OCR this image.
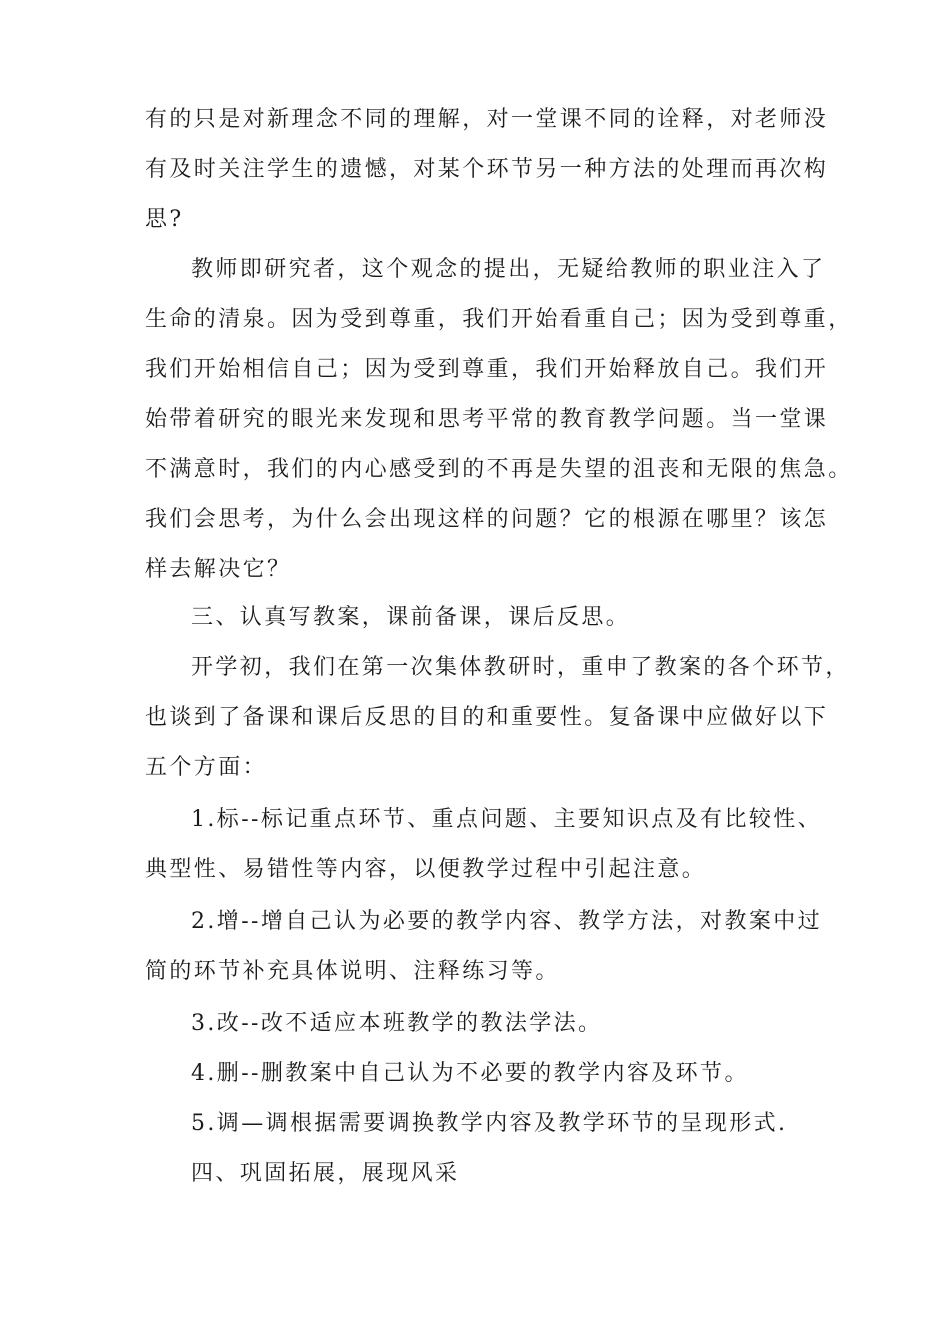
有的只是对新理念不同的理解，对一堂课不同的诠释，对老师没
有及时关注学生的遗憾，对某个环节另一种方法的处理而再次构
思?
教师即研究者，这个观念的提出，无疑给教师的职业注入了
生命的清泉。因为受到尊重，我们开始看重自己；因为受到尊重，
我们开始相信自己；因为受到尊重，我们开始释放自己。我们开
始带着研究的眼光来发现和思考平常的教育教学问题。当一堂课
不满意时，我们的内心感受到的不再是失望的沮丧和无限的焦急。
我们会思考，为什么会出现这样的问题？它的根源在哪里？该怎
样去解决它？
三、认真写教案，课前备课，课后反思。
开学初，我们在第一次集体教研时，重申了教案的各个环节，
也谈到了备课和课后反思的目的和重要性。复备课中应做好以下
五个方面：
1.标--标记重点环节、重点问题、主要知识点及有比较性、
典型性、易错性等内容，以便教学过程中引起注意。
2.增--增自己认为必要的教学内容、教学方法，对教案中过
简的环节补充具体说明、注释练习等。
3.改--改不适应本班教学的教法学法。
4.删--删教案中自己认为不必要的教学内容及环节。
5.调—调根据需要调换教学内容及教学环节的呈现形式.
四、巩固拓展，展现风采
